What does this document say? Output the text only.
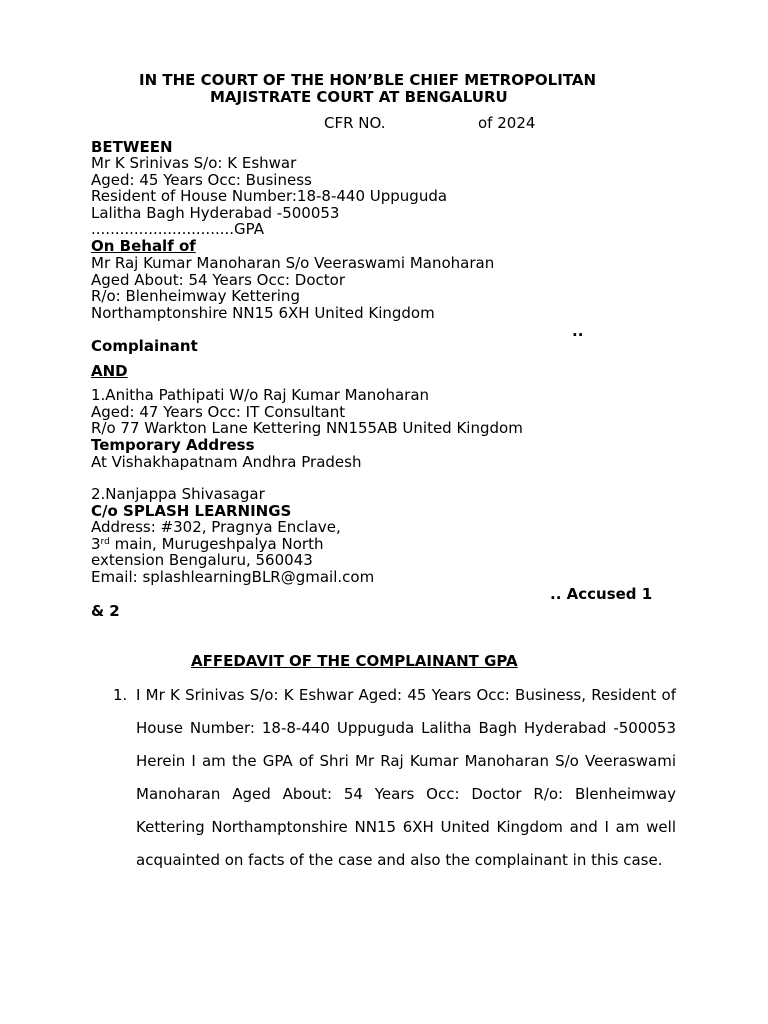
IN THE COURT OF THE HON’BLE CHIEF METROPOLITAN
MAJISTRATE COURT AT BENGALURU
CFR NO.	of 2024
BETWEEN
Mr K Srinivas S/o: K Eshwar
Aged: 45 Years Occ: Business
Resident of House Number:18-8-440 Uppuguda
Lalitha Bagh Hyderabad -500053
..............................GPA
On Behalf of
Mr Raj Kumar Manoharan S/o Veeraswami Manoharan
Aged About: 54 Years Occ: Doctor
R/o: Blenheimway Kettering
Northamptonshire NN15 6XH United Kingdom
..
Complainant
AND
1.Anitha Pathipati W/o Raj Kumar Manoharan
Aged: 47 Years Occ: IT Consultant
R/o 77 Warkton Lane Kettering NN155AB United Kingdom
Temporary Address
At Vishakhapatnam Andhra Pradesh
2.Nanjappa Shivasagar
C/o SPLASH LEARNINGS
Address: #302, Pragnya Enclave,
3rd main, Murugeshpalya North
extension Bengaluru, 560043
Email: splashlearningBLR@gmail.com
.. Accused 1
& 2
AFFEDAVIT OF THE COMPLAINANT GPA
1. I Mr K Srinivas S/o: K Eshwar Aged: 45 Years Occ: Business, Resident of House Number: 18-8-440 Uppuguda Lalitha Bagh Hyderabad -500053 Herein I am the GPA of Shri Mr Raj Kumar Manoharan S/o Veeraswami Manoharan Aged About: 54 Years Occ: Doctor R/o: Blenheimway Kettering Northamptonshire NN15 6XH United Kingdom and I am well acquainted on facts of the case and also the complainant in this case.
